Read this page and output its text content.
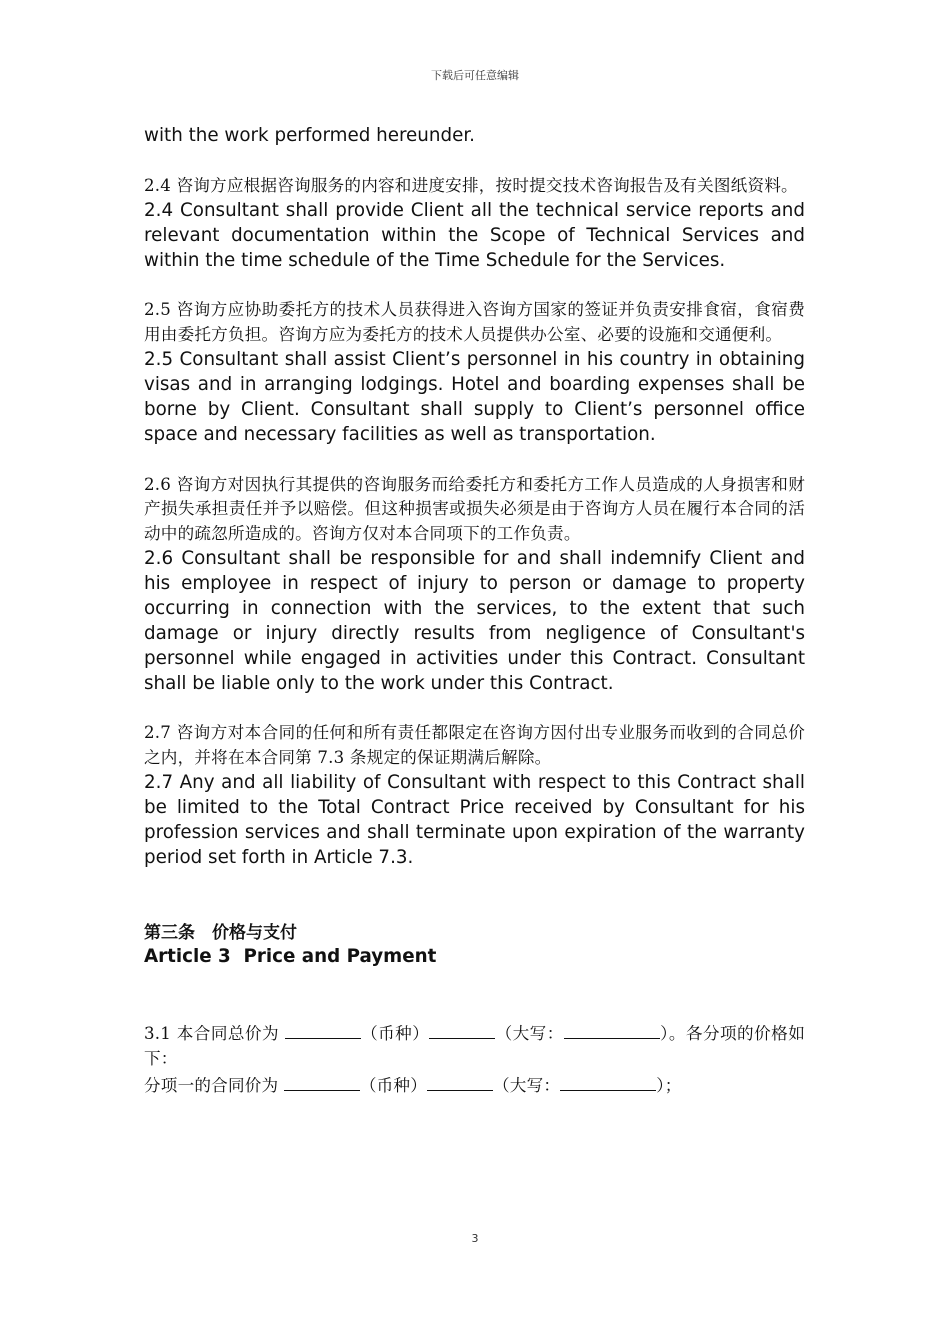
下载后可任意编辑

with the work performed hereunder.

2.4 咨询方应根据咨询服务的内容和进度安排，按时提交技术咨询报告及有关图纸资料。

2.4 Consultant shall provide Client all the technical service reports and relevant documentation within the Scope of Technical Services and within the time schedule of the Time Schedule for the Services.

2.5 咨询方应协助委托方的技术人员获得进入咨询方国家的签证并负责安排食宿，食宿费用由委托方负担。咨询方应为委托方的技术人员提供办公室、必要的设施和交通便利。

2.5 Consultant shall assist Client’s personnel in his country in obtaining visas and in arranging lodgings. Hotel and boarding expenses shall be borne by Client. Consultant shall supply to Client’s personnel office space and necessary facilities as well as transportation.

2.6 咨询方对因执行其提供的咨询服务而给委托方和委托方工作人员造成的人身损害和财产损失承担责任并予以赔偿。但这种损害或损失必须是由于咨询方人员在履行本合同的活动中的疏忽所造成的。咨询方仅对本合同项下的工作负责。

2.6 Consultant shall be responsible for and shall indemnify Client and his employee in respect of injury to person or damage to property occurring in connection with the services, to the extent that such damage or injury directly results from negligence of Consultant's personnel while engaged in activities under this Contract. Consultant shall be liable only to the work under this Contract.

2.7 咨询方对本合同的任何和所有责任都限定在咨询方因付出专业服务而收到的合同总价之内，并将在本合同第 7.3 条规定的保证期满后解除。

2.7 Any and all liability of Consultant with respect to this Contract shall be limited to the Total Contract Price received by Consultant for his profession services and shall terminate upon expiration of the warranty period set forth in Article 7.3.

第三条　价格与支付

Article 3  Price and Payment

3.1 本合同总价为	（币种）	（大写：	）。各分项的价格如下：

分项一的合同价为	（币种）	（大写：	）；

3
